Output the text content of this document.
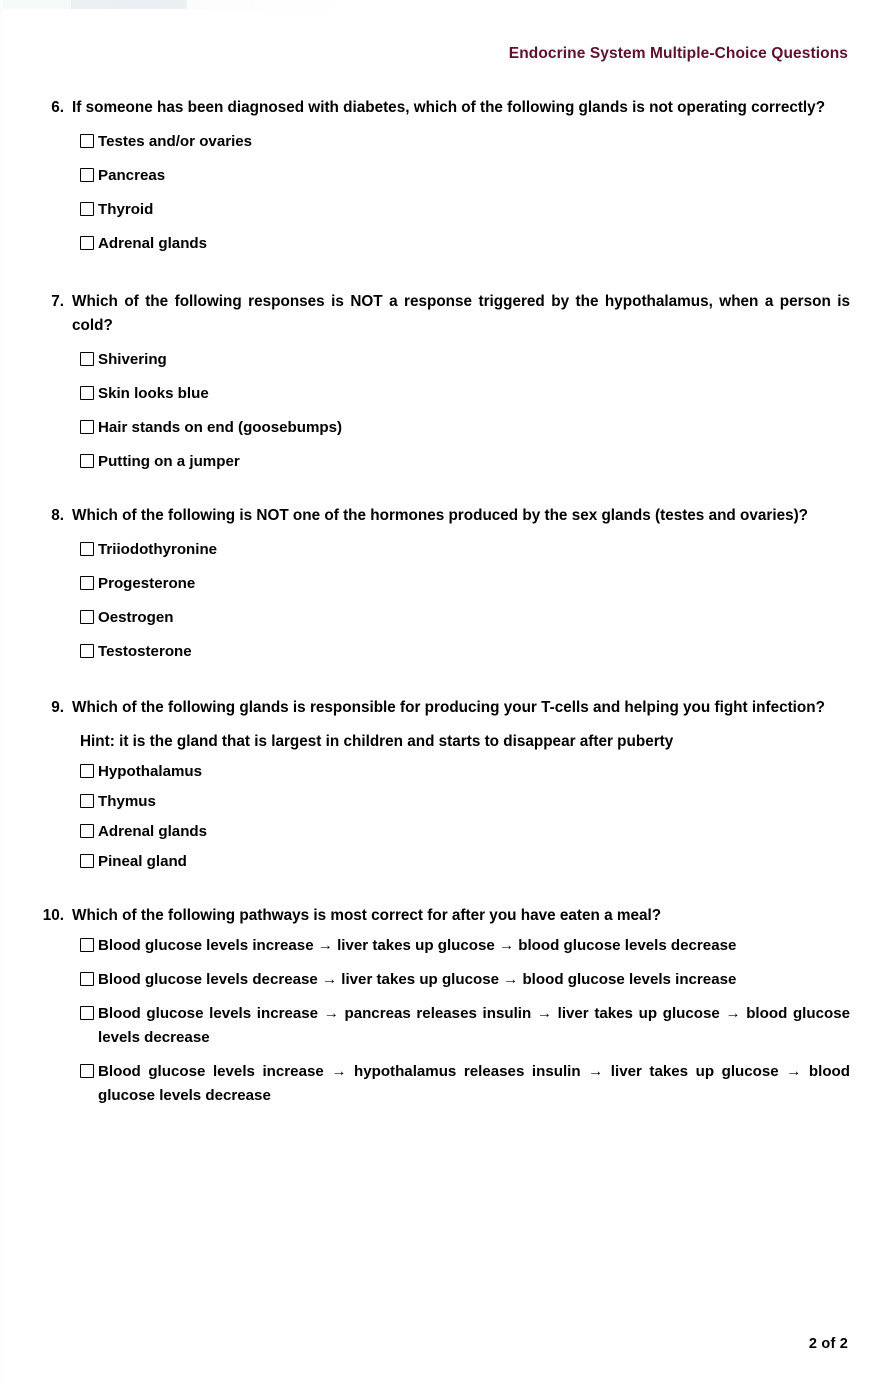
Endocrine System Multiple-Choice Questions
6. If someone has been diagnosed with diabetes, which of the following glands is not operating correctly?
Testes and/or ovaries
Pancreas
Thyroid
Adrenal glands
7. Which of the following responses is NOT a response triggered by the hypothalamus, when a person is cold?
Shivering
Skin looks blue
Hair stands on end (goosebumps)
Putting on a jumper
8. Which of the following is NOT one of the hormones produced by the sex glands (testes and ovaries)?
Triiodothyronine
Progesterone
Oestrogen
Testosterone
9. Which of the following glands is responsible for producing your T-cells and helping you fight infection?
Hint: it is the gland that is largest in children and starts to disappear after puberty
Hypothalamus
Thymus
Adrenal glands
Pineal gland
10. Which of the following pathways is most correct for after you have eaten a meal?
Blood glucose levels increase → liver takes up glucose → blood glucose levels decrease
Blood glucose levels decrease → liver takes up glucose → blood glucose levels increase
Blood glucose levels increase → pancreas releases insulin → liver takes up glucose → blood glucose levels decrease
Blood glucose levels increase → hypothalamus releases insulin → liver takes up glucose → blood glucose levels decrease
2 of 2
